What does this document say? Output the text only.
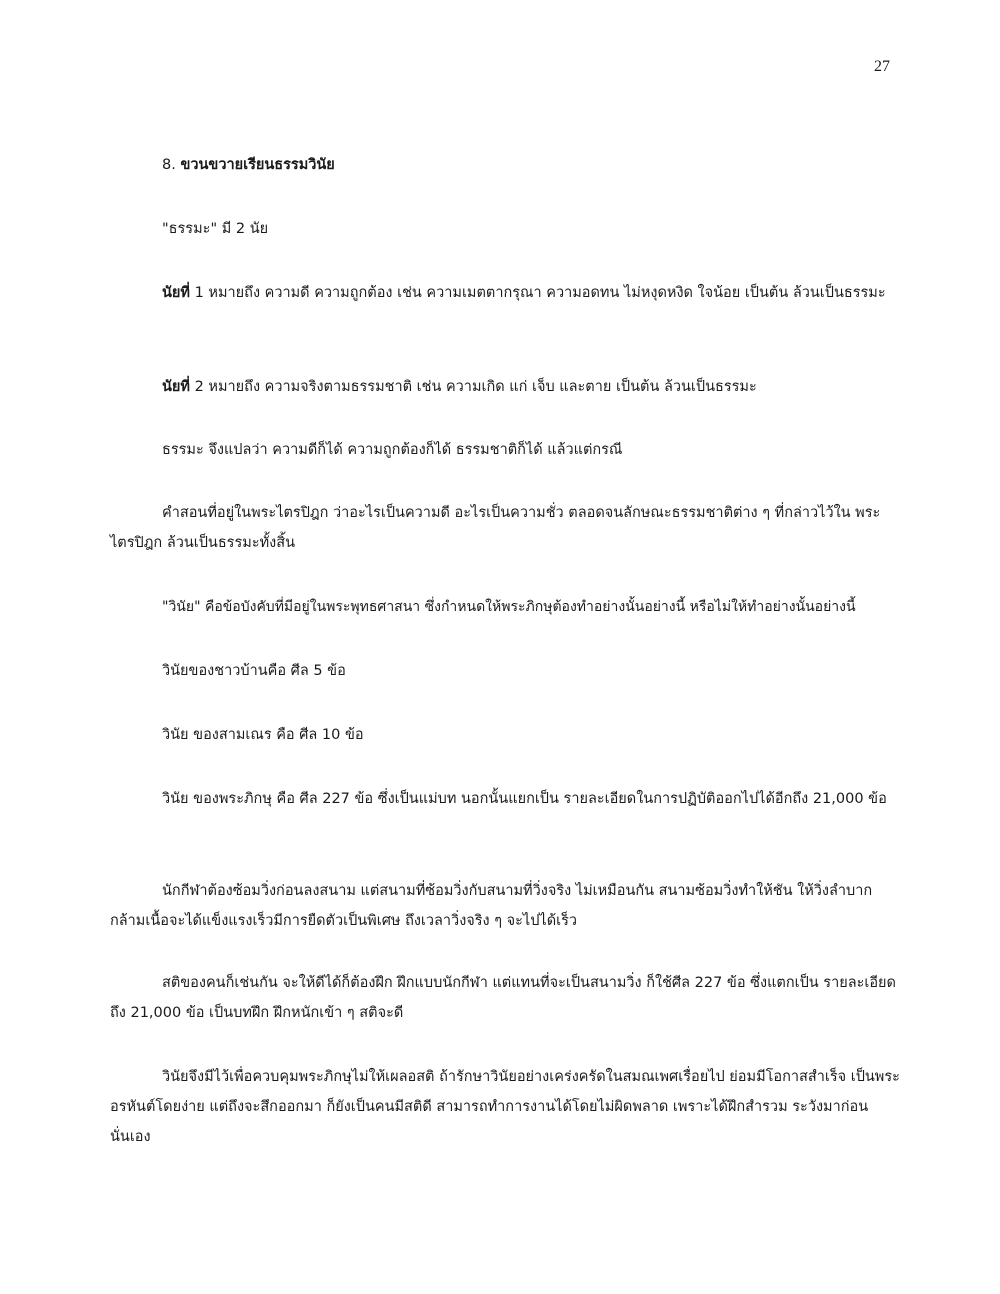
27

8. ขวนขวายเรียนธรรมวินัย

"ธรรมะ" มี 2 นัย

นัยที่ 1 หมายถึง ความดี ความถูกต้อง เช่น ความเมตตากรุณา ความอดทน ไม่หงุดหงิด ใจน้อย เป็นต้น ล้วนเป็นธรรมะ

นัยที่ 2 หมายถึง ความจริงตามธรรมชาติ เช่น ความเกิด แก่ เจ็บ และตาย เป็นต้น ล้วนเป็นธรรมะ

ธรรมะ จึงแปลว่า ความดีก็ได้ ความถูกต้องก็ได้ ธรรมชาติก็ได้ แล้วแต่กรณี

คำสอนที่อยู่ในพระไตรปิฎก ว่าอะไรเป็นความดี อะไรเป็นความชั่ว ตลอดจนลักษณะธรรมชาติต่าง ๆ ที่กล่าวไว้ใน พระไตรปิฎก ล้วนเป็นธรรมะทั้งสิ้น

"วินัย" คือข้อบังคับที่มีอยู่ในพระพุทธศาสนา ซึ่งกำหนดให้พระภิกษุต้องทำอย่างนั้นอย่างนี้ หรือไม่ให้ทำอย่างนั้นอย่างนี้

วินัยของชาวบ้านคือ ศีล 5 ข้อ

วินัย ของสามเณร คือ ศีล 10 ข้อ

วินัย ของพระภิกษุ คือ ศีล 227 ข้อ ซึ่งเป็นแม่บท นอกนั้นแยกเป็น รายละเอียดในการปฏิบัติออกไปได้อีกถึง 21,000 ข้อ

นักกีฬาต้องซ้อมวิ่งก่อนลงสนาม แต่สนามที่ซ้อมวิ่งกับสนามที่วิ่งจริง ไม่เหมือนกัน สนามซ้อมวิ่งทำให้ชัน ให้วิ่งลำบาก กล้ามเนื้อจะได้แข็งแรงเร็วมีการยืดตัวเป็นพิเศษ ถึงเวลาวิ่งจริง ๆ จะไปได้เร็ว

สติของคนก็เช่นกัน จะให้ดีได้ก็ต้องฝึก ฝึกแบบนักกีฬา แต่แทนที่จะเป็นสนามวิ่ง ก็ใช้ศีล 227 ข้อ ซึ่งแตกเป็น รายละเอียดถึง 21,000 ข้อ เป็นบทฝึก ฝึกหนักเข้า ๆ สติจะดี

วินัยจึงมีไว้เพื่อควบคุมพระภิกษุไม่ให้เผลอสติ ถ้ารักษาวินัยอย่างเคร่งครัดในสมณเพศเรื่อยไป ย่อมมีโอกาสสำเร็จ เป็นพระอรหันต์โดยง่าย แต่ถึงจะสึกออกมา ก็ยังเป็นคนมีสติดี สามารถทำการงานได้โดยไม่ผิดพลาด เพราะได้ฝึกสำรวม ระวังมาก่อนนั่นเอง
